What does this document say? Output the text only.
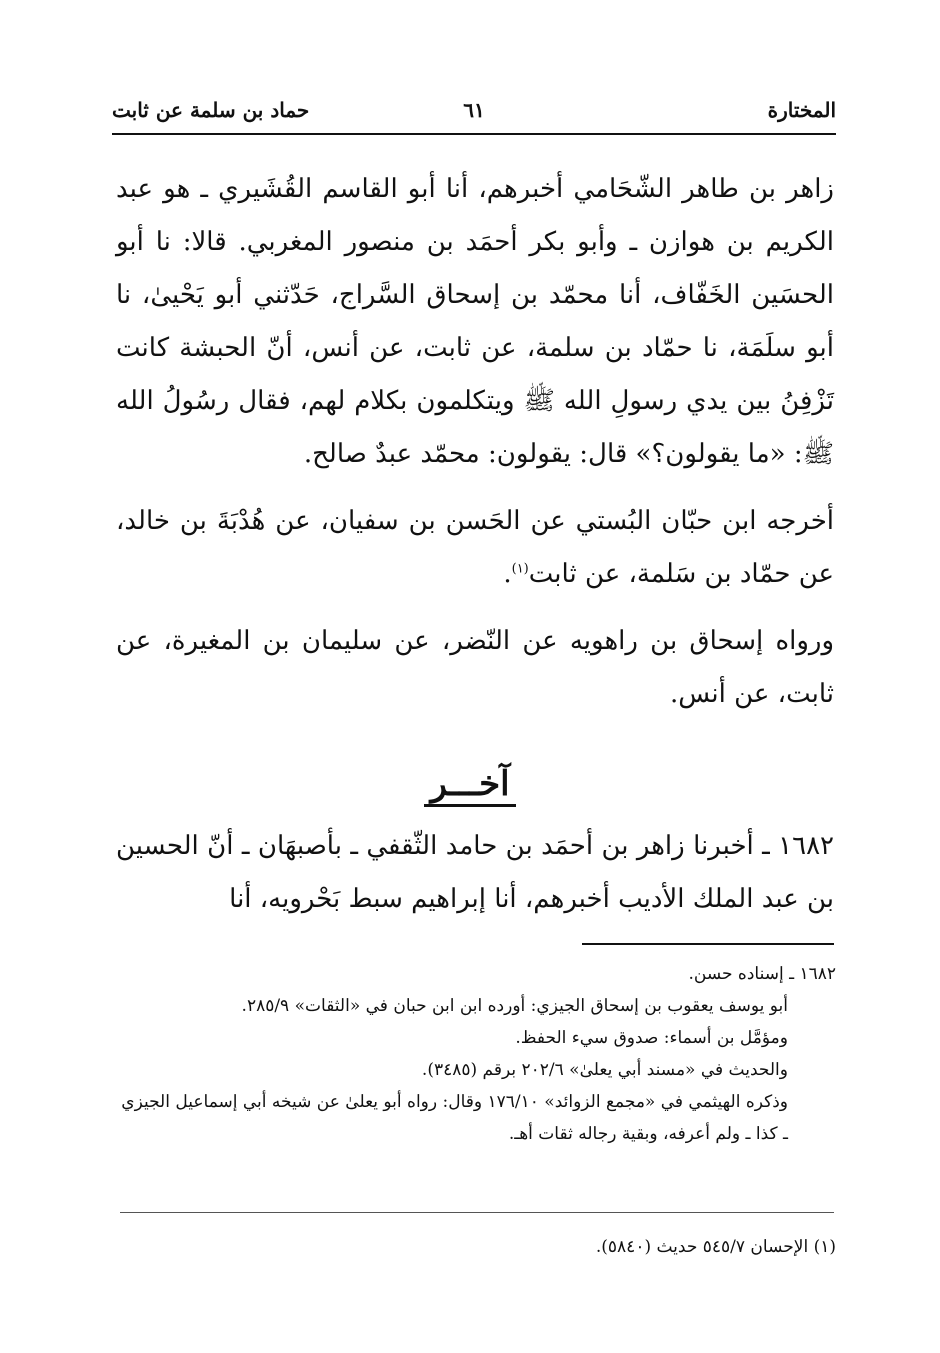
المختارة
٦١
حماد بن سلمة عن ثابت

زاهر بن طاهر الشّحَامي أخبرهم، أنا أبو القاسم القُشَيري ـ هو عبد الكريم بن هوازن ـ وأبو بكر أحمَد بن منصور المغربي. قالا: نا أبو الحسَين الخَفّاف، أنا محمّد بن إسحاق السَّراج، حَدّثني أبو يَحْيىٰ، نا أبو سلَمَة، نا حمّاد بن سلمة، عن ثابت، عن أنس، أنّ الحبشة كانت تَزْفِنُ بين يدي رسولِ الله ﷺ ويتكلمون بكلام لهم، فقال رسُولُ الله ﷺ: «ما يقولون؟» قال: يقولون: محمّد عبدٌ صالح.

أخرجه ابن حبّان البُستي عن الحَسن بن سفيان، عن هُدْبَةَ بن خالد، عن حمّاد بن سَلمة، عن ثابت$^{(١)}$.

ورواه إسحاق بن راهويه عن النّضر، عن سليمان بن المغيرة، عن ثابت، عن أنس.

آخـــر

١٦٨٢ ـ أخبرنا زاهر بن أحمَد بن حامد الثّقفي ـ بأصبهَان ـ أنّ الحسين بن عبد الملك الأديب أخبرهم، أنا إبراهيم سبط بَحْرويه، أنا

١٦٨٢ ـ إسناده حسن.

أبو يوسف يعقوب بن إسحاق الجيزي: أورده ابن ابن حبان في «الثقات» ٢٨٥/٩.

ومؤمَّل بن أسماء: صدوق سيء الحفظ.

والحديث في «مسند أبي يعلىٰ» ٢٠٢/٦ برقم (٣٤٨٥).

وذكره الهيثمي في «مجمع الزوائد» ١٧٦/١٠ وقال: رواه أبو يعلىٰ عن شيخه أبي إسماعيل الجيزي ـ كذا ـ ولم أعرفه، وبقية رجاله ثقات أهـ.

(١) الإحسان ٥٤٥/٧ حديث (٥٨٤٠).
